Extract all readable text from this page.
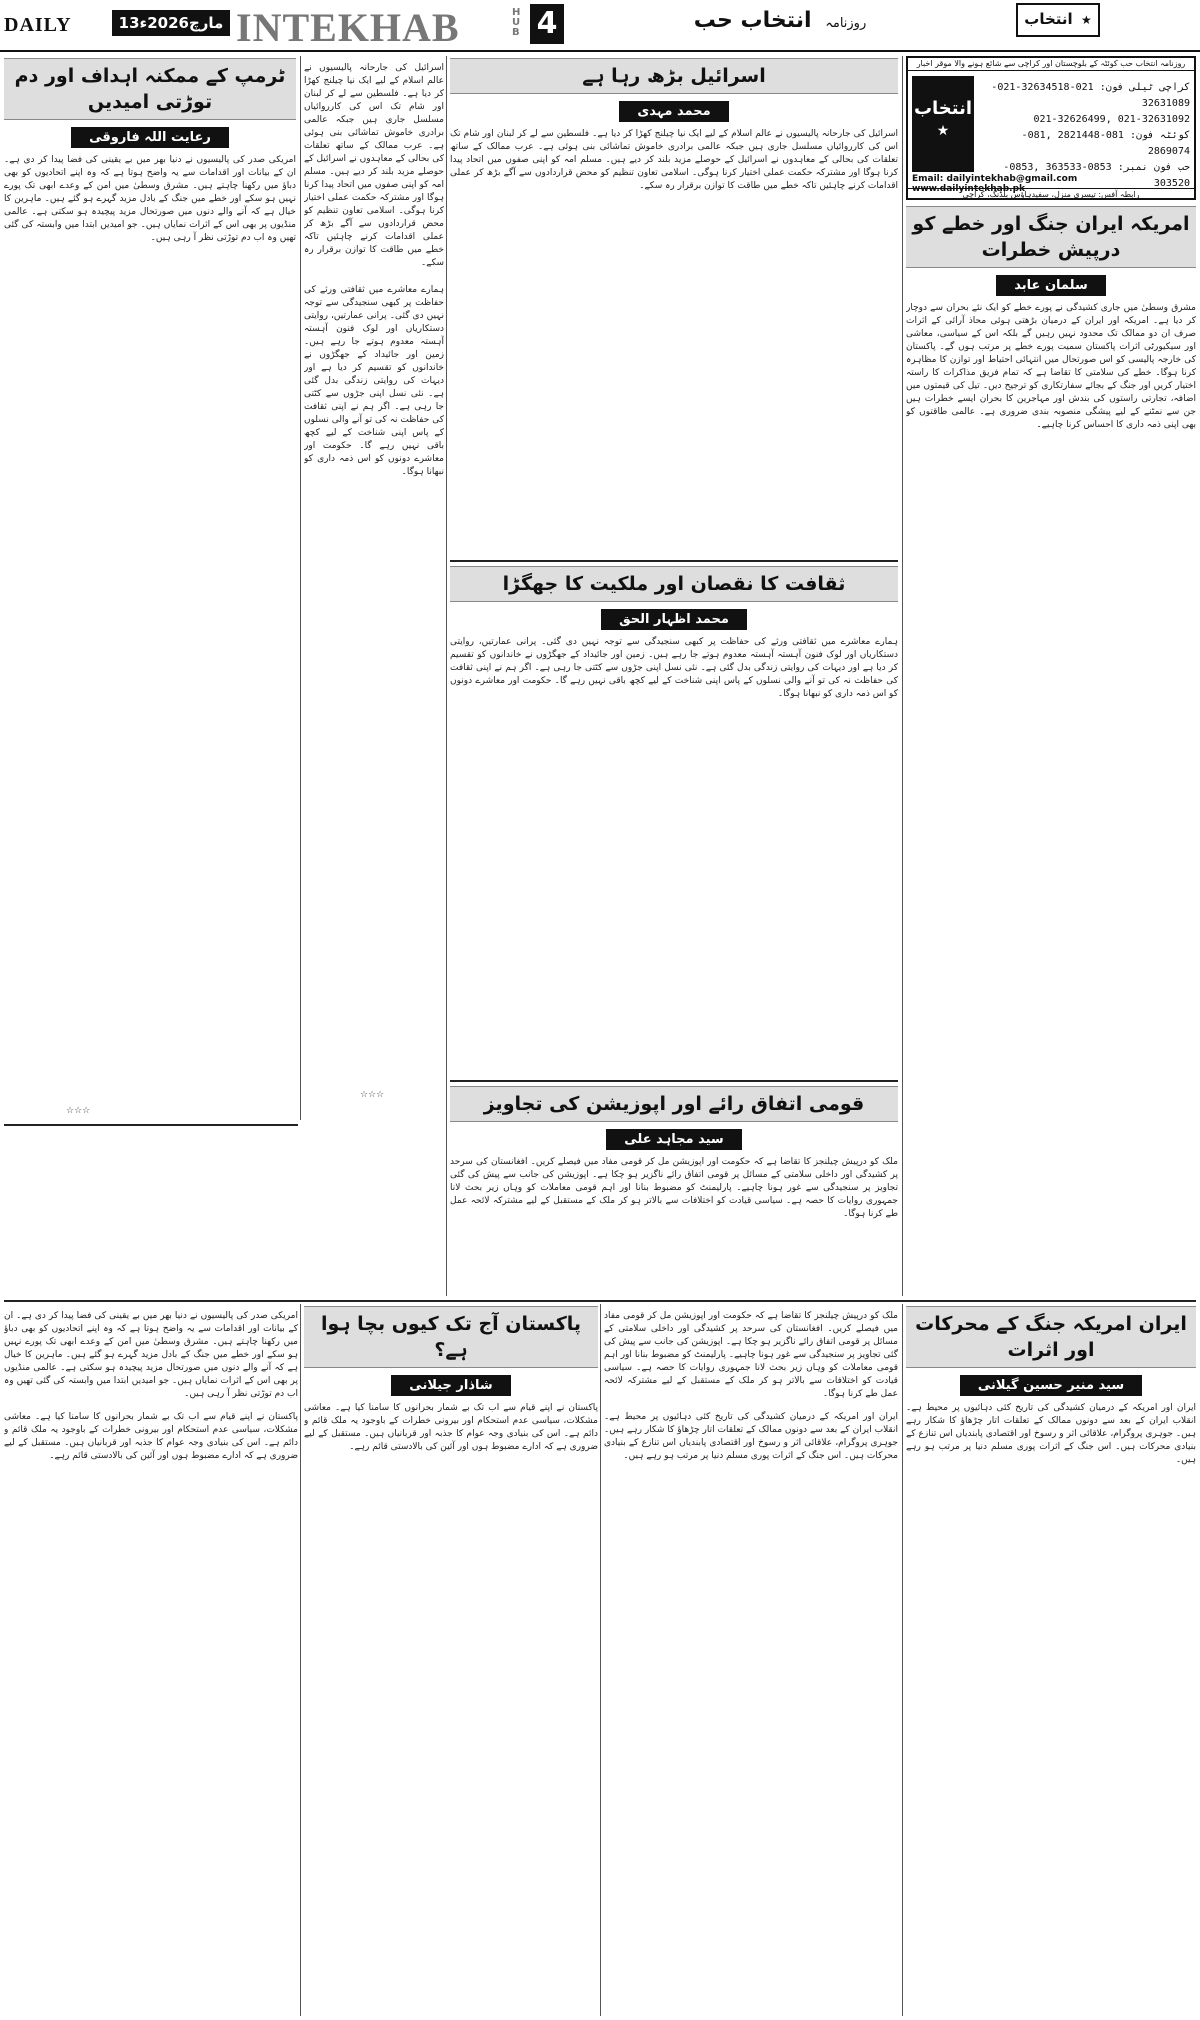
DAILY	13مارچ2026ء INTEKHAB	H U B 4	روزنامہ انتخاب حب	★ انتخاب
روزنامہ انتخاب حب کوئٹہ کے بلوچستان اور کراچی سے شائع ہونے والا موقر اخبار
انتخاب
★
کراچی ٹیلی فون: 021-32634518-021-32631089
021-32631092 ,021-32626499
کوئٹہ فون: 081-2821448 ,081-2869074
حب فون نمبر: 0853-363533 ,0853-303520
Email: dailyintekhab@gmail.com www.dailyintekhab.pk
رابطہ آفس: تیسری منزل، سفیدہاؤس بلڈنگ، کراچی
ٹرمپ کے ممکنہ اہداف اور دم توڑتی امیدیں
رعایت اللہ فاروقی
امریکی صدر کی پالیسیوں نے دنیا بھر میں بے یقینی کی فضا پیدا کر دی ہے۔ ان کے بیانات اور اقدامات سے یہ واضح ہوتا ہے کہ وہ اپنے اتحادیوں کو بھی دباؤ میں رکھنا چاہتے ہیں۔ مشرق وسطیٰ میں امن کے وعدے ابھی تک پورے نہیں ہو سکے اور خطے میں جنگ کے بادل مزید گہرے ہو گئے ہیں۔ ماہرین کا خیال ہے کہ آنے والے دنوں میں صورتحال مزید پیچیدہ ہو سکتی ہے۔ عالمی منڈیوں پر بھی اس کے اثرات نمایاں ہیں۔ جو امیدیں ابتدا میں وابستہ کی گئی تھیں وہ اب دم توڑتی نظر آ رہی ہیں۔
اسرائیل بڑھ رہا ہے
محمد مہدی
اسرائیل کی جارحانہ پالیسیوں نے عالم اسلام کے لیے ایک نیا چیلنج کھڑا کر دیا ہے۔ فلسطین سے لے کر لبنان اور شام تک اس کی کارروائیاں مسلسل جاری ہیں جبکہ عالمی برادری خاموش تماشائی بنی ہوئی ہے۔ عرب ممالک کے ساتھ تعلقات کی بحالی کے معاہدوں نے اسرائیل کے حوصلے مزید بلند کر دیے ہیں۔ مسلم امہ کو اپنی صفوں میں اتحاد پیدا کرنا ہوگا اور مشترکہ حکمت عملی اختیار کرنا ہوگی۔ اسلامی تعاون تنظیم کو محض قراردادوں سے آگے بڑھ کر عملی اقدامات کرنے چاہئیں تاکہ خطے میں طاقت کا توازن برقرار رہ سکے۔
ثقافت کا نقصان اور ملکیت کا جھگڑا
محمد اظہار الحق
ہمارے معاشرے میں ثقافتی ورثے کی حفاظت پر کبھی سنجیدگی سے توجہ نہیں دی گئی۔ پرانی عمارتیں، روایتی دستکاریاں اور لوک فنون آہستہ آہستہ معدوم ہوتے جا رہے ہیں۔ زمین اور جائیداد کے جھگڑوں نے خاندانوں کو تقسیم کر دیا ہے اور دیہات کی روایتی زندگی بدل گئی ہے۔ نئی نسل اپنی جڑوں سے کٹتی جا رہی ہے۔ اگر ہم نے اپنی ثقافت کی حفاظت نہ کی تو آنے والی نسلوں کے پاس اپنی شناخت کے لیے کچھ باقی نہیں رہے گا۔ حکومت اور معاشرے دونوں کو اس ذمہ داری کو نبھانا ہوگا۔
قومی اتفاق رائے اور اپوزیشن کی تجاویز
سید مجاہد علی
ملک کو درپیش چیلنجز کا تقاضا ہے کہ حکومت اور اپوزیشن مل کر قومی مفاد میں فیصلے کریں۔ افغانستان کی سرحد پر کشیدگی اور داخلی سلامتی کے مسائل پر قومی اتفاق رائے ناگزیر ہو چکا ہے۔ اپوزیشن کی جانب سے پیش کی گئی تجاویز پر سنجیدگی سے غور ہونا چاہیے۔ پارلیمنٹ کو مضبوط بنانا اور اہم قومی معاملات کو وہاں زیر بحث لانا جمہوری روایات کا حصہ ہے۔ سیاسی قیادت کو اختلافات سے بالاتر ہو کر ملک کے مستقبل کے لیے مشترکہ لائحہ عمل طے کرنا ہوگا۔
امریکہ ایران جنگ اور خطے کو درپیش خطرات
سلمان عابد
مشرق وسطیٰ میں جاری کشیدگی نے پورے خطے کو ایک نئے بحران سے دوچار کر دیا ہے۔ امریکہ اور ایران کے درمیان بڑھتی ہوئی محاذ آرائی کے اثرات صرف ان دو ممالک تک محدود نہیں رہیں گے بلکہ اس کے سیاسی، معاشی اور سیکیورٹی اثرات پاکستان سمیت پورے خطے پر مرتب ہوں گے۔ پاکستان کی خارجہ پالیسی کو اس صورتحال میں انتہائی احتیاط اور توازن کا مظاہرہ کرنا ہوگا۔ خطے کی سلامتی کا تقاضا ہے کہ تمام فریق مذاکرات کا راستہ اختیار کریں اور جنگ کے بجائے سفارتکاری کو ترجیح دیں۔ تیل کی قیمتوں میں اضافہ، تجارتی راستوں کی بندش اور مہاجرین کا بحران ایسے خطرات ہیں جن سے نمٹنے کے لیے پیشگی منصوبہ بندی ضروری ہے۔ عالمی طاقتوں کو بھی اپنی ذمہ داری کا احساس کرنا چاہیے۔
اسرائیل کی جارحانہ پالیسیوں نے عالم اسلام کے لیے ایک نیا چیلنج کھڑا کر دیا ہے۔ فلسطین سے لے کر لبنان اور شام تک اس کی کارروائیاں مسلسل جاری ہیں جبکہ عالمی برادری خاموش تماشائی بنی ہوئی ہے۔ عرب ممالک کے ساتھ تعلقات کی بحالی کے معاہدوں نے اسرائیل کے حوصلے مزید بلند کر دیے ہیں۔ مسلم امہ کو اپنی صفوں میں اتحاد پیدا کرنا ہوگا اور مشترکہ حکمت عملی اختیار کرنا ہوگی۔ اسلامی تعاون تنظیم کو محض قراردادوں سے آگے بڑھ کر عملی اقدامات کرنے چاہئیں تاکہ خطے میں طاقت کا توازن برقرار رہ سکے۔
ہمارے معاشرے میں ثقافتی ورثے کی حفاظت پر کبھی سنجیدگی سے توجہ نہیں دی گئی۔ پرانی عمارتیں، روایتی دستکاریاں اور لوک فنون آہستہ آہستہ معدوم ہوتے جا رہے ہیں۔ زمین اور جائیداد کے جھگڑوں نے خاندانوں کو تقسیم کر دیا ہے اور دیہات کی روایتی زندگی بدل گئی ہے۔ نئی نسل اپنی جڑوں سے کٹتی جا رہی ہے۔ اگر ہم نے اپنی ثقافت کی حفاظت نہ کی تو آنے والی نسلوں کے پاس اپنی شناخت کے لیے کچھ باقی نہیں رہے گا۔ حکومت اور معاشرے دونوں کو اس ذمہ داری کو نبھانا ہوگا۔
ایران امریکہ جنگ کے محرکات اور اثرات
سید منیر حسین گیلانی
ایران اور امریکہ کے درمیان کشیدگی کی تاریخ کئی دہائیوں پر محیط ہے۔ انقلاب ایران کے بعد سے دونوں ممالک کے تعلقات اتار چڑھاؤ کا شکار رہے ہیں۔ جوہری پروگرام، علاقائی اثر و رسوخ اور اقتصادی پابندیاں اس تنازع کے بنیادی محرکات ہیں۔ اس جنگ کے اثرات پوری مسلم دنیا پر مرتب ہو رہے ہیں۔
پاکستان آج تک کیوں بچا ہوا ہے؟
شاذار جیلانی
پاکستان نے اپنے قیام سے اب تک بے شمار بحرانوں کا سامنا کیا ہے۔ معاشی مشکلات، سیاسی عدم استحکام اور بیرونی خطرات کے باوجود یہ ملک قائم و دائم ہے۔ اس کی بنیادی وجہ عوام کا جذبہ اور قربانیاں ہیں۔ مستقبل کے لیے ضروری ہے کہ ادارے مضبوط ہوں اور آئین کی بالادستی قائم رہے۔
ملک کو درپیش چیلنجز کا تقاضا ہے کہ حکومت اور اپوزیشن مل کر قومی مفاد میں فیصلے کریں۔ افغانستان کی سرحد پر کشیدگی اور داخلی سلامتی کے مسائل پر قومی اتفاق رائے ناگزیر ہو چکا ہے۔ اپوزیشن کی جانب سے پیش کی گئی تجاویز پر سنجیدگی سے غور ہونا چاہیے۔ پارلیمنٹ کو مضبوط بنانا اور اہم قومی معاملات کو وہاں زیر بحث لانا جمہوری روایات کا حصہ ہے۔ سیاسی قیادت کو اختلافات سے بالاتر ہو کر ملک کے مستقبل کے لیے مشترکہ لائحہ عمل طے کرنا ہوگا۔
ایران اور امریکہ کے درمیان کشیدگی کی تاریخ کئی دہائیوں پر محیط ہے۔ انقلاب ایران کے بعد سے دونوں ممالک کے تعلقات اتار چڑھاؤ کا شکار رہے ہیں۔ جوہری پروگرام، علاقائی اثر و رسوخ اور اقتصادی پابندیاں اس تنازع کے بنیادی محرکات ہیں۔ اس جنگ کے اثرات پوری مسلم دنیا پر مرتب ہو رہے ہیں۔
امریکی صدر کی پالیسیوں نے دنیا بھر میں بے یقینی کی فضا پیدا کر دی ہے۔ ان کے بیانات اور اقدامات سے یہ واضح ہوتا ہے کہ وہ اپنے اتحادیوں کو بھی دباؤ میں رکھنا چاہتے ہیں۔ مشرق وسطیٰ میں امن کے وعدے ابھی تک پورے نہیں ہو سکے اور خطے میں جنگ کے بادل مزید گہرے ہو گئے ہیں۔ ماہرین کا خیال ہے کہ آنے والے دنوں میں صورتحال مزید پیچیدہ ہو سکتی ہے۔ عالمی منڈیوں پر بھی اس کے اثرات نمایاں ہیں۔ جو امیدیں ابتدا میں وابستہ کی گئی تھیں وہ اب دم توڑتی نظر آ رہی ہیں۔
پاکستان نے اپنے قیام سے اب تک بے شمار بحرانوں کا سامنا کیا ہے۔ معاشی مشکلات، سیاسی عدم استحکام اور بیرونی خطرات کے باوجود یہ ملک قائم و دائم ہے۔ اس کی بنیادی وجہ عوام کا جذبہ اور قربانیاں ہیں۔ مستقبل کے لیے ضروری ہے کہ ادارے مضبوط ہوں اور آئین کی بالادستی قائم رہے۔
☆☆☆
☆☆☆
